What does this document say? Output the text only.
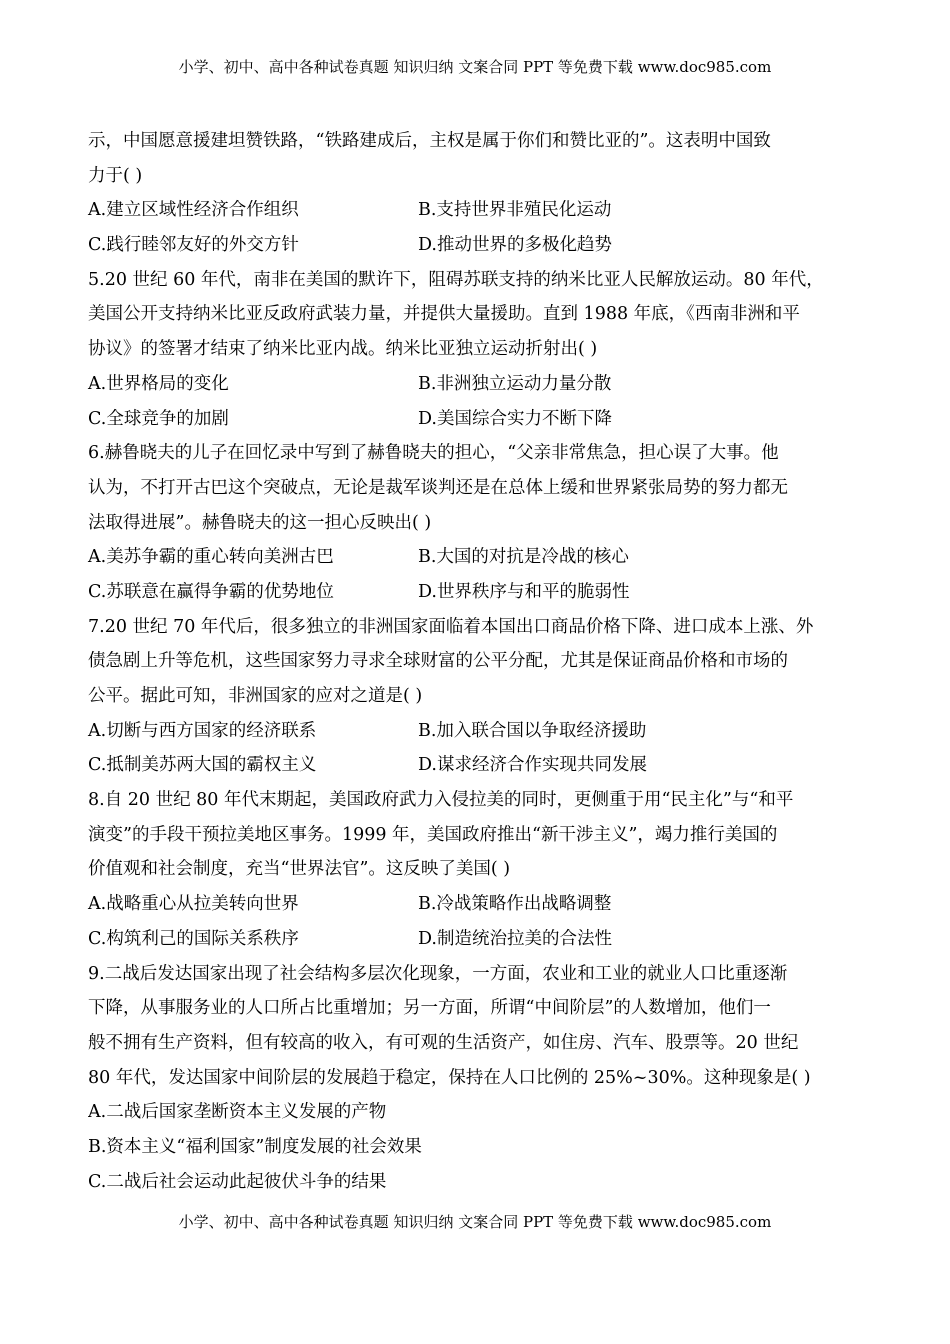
小学、初中、高中各种试卷真题 知识归纳 文案合同 PPT 等免费下载 www.doc985.com
示，中国愿意援建坦赞铁路，“铁路建成后，主权是属于你们和赞比亚的”。这表明中国致
力于( )
A.建立区域性经济合作组织	B.支持世界非殖民化运动
C.践行睦邻友好的外交方针	D.推动世界的多极化趋势
5.20 世纪 60 年代，南非在美国的默许下，阻碍苏联支持的纳米比亚人民解放运动。80 年代，
美国公开支持纳米比亚反政府武装力量，并提供大量援助。直到 1988 年底，《西南非洲和平
协议》的签署才结束了纳米比亚内战。纳米比亚独立运动折射出( )
A.世界格局的变化	B.非洲独立运动力量分散
C.全球竞争的加剧	D.美国综合实力不断下降
6.赫鲁晓夫的儿子在回忆录中写到了赫鲁晓夫的担心，“父亲非常焦急，担心误了大事。他
认为，不打开古巴这个突破点，无论是裁军谈判还是在总体上缓和世界紧张局势的努力都无
法取得进展”。赫鲁晓夫的这一担心反映出( )
A.美苏争霸的重心转向美洲古巴	B.大国的对抗是冷战的核心
C.苏联意在赢得争霸的优势地位	D.世界秩序与和平的脆弱性
7.20 世纪 70 年代后，很多独立的非洲国家面临着本国出口商品价格下降、进口成本上涨、外
债急剧上升等危机，这些国家努力寻求全球财富的公平分配，尤其是保证商品价格和市场的
公平。据此可知，非洲国家的应对之道是( )
A.切断与西方国家的经济联系	B.加入联合国以争取经济援助
C.抵制美苏两大国的霸权主义	D.谋求经济合作实现共同发展
8.自 20 世纪 80 年代末期起，美国政府武力入侵拉美的同时，更侧重于用“民主化”与“和平
演变”的手段干预拉美地区事务。1999 年，美国政府推出“新干涉主义”，竭力推行美国的
价值观和社会制度，充当“世界法官”。这反映了美国( )
A.战略重心从拉美转向世界	B.冷战策略作出战略调整
C.构筑利己的国际关系秩序	D.制造统治拉美的合法性
9.二战后发达国家出现了社会结构多层次化现象，一方面，农业和工业的就业人口比重逐渐
下降，从事服务业的人口所占比重增加；另一方面，所谓“中间阶层”的人数增加，他们一
般不拥有生产资料，但有较高的收入，有可观的生活资产，如住房、汽车、股票等。20 世纪
80 年代，发达国家中间阶层的发展趋于稳定，保持在人口比例的 25%~30%。这种现象是( )
A.二战后国家垄断资本主义发展的产物
B.资本主义“福利国家”制度发展的社会效果
C.二战后社会运动此起彼伏斗争的结果
小学、初中、高中各种试卷真题 知识归纳 文案合同 PPT 等免费下载 www.doc985.com
